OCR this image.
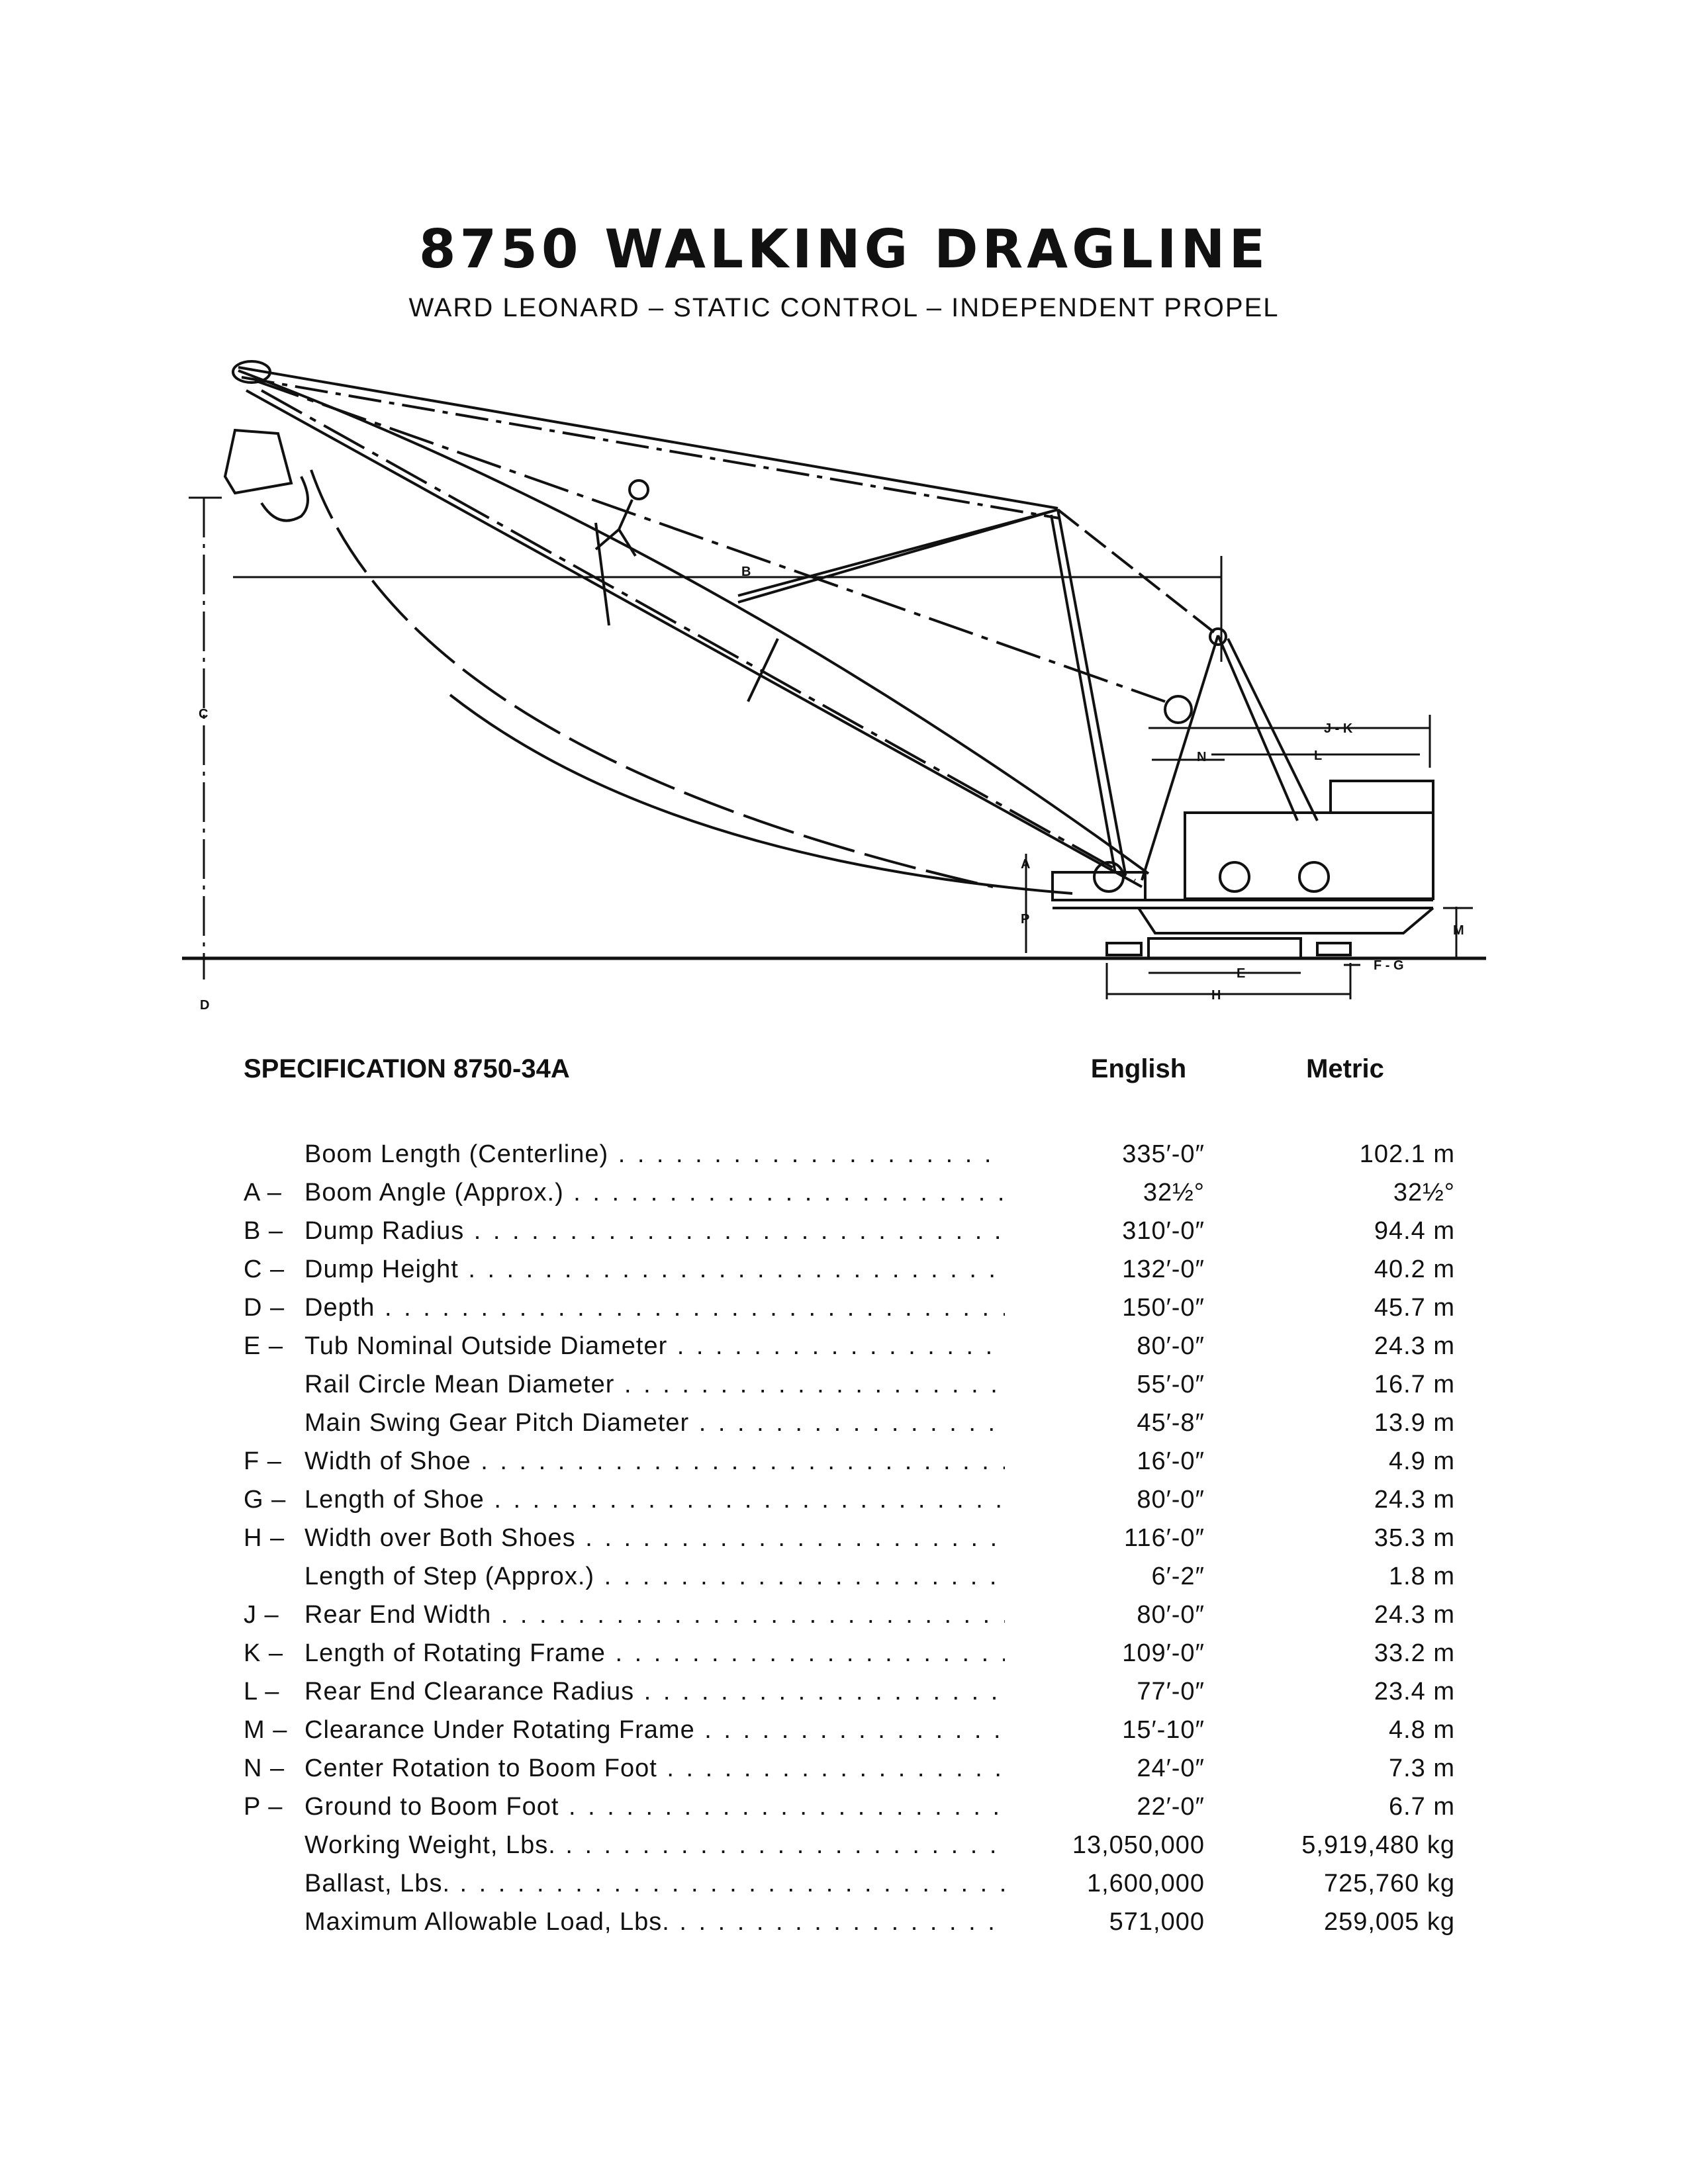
8750 WALKING DRAGLINE
WARD LEONARD – STATIC CONTROL – INDEPENDENT PROPEL
B
C
D
A
P
J - K
L
N
M
E
H
F - G
SPECIFICATION 8750-34A	English	Metric
Boom Length (Centerline) . . .	335′-0″	102.1 m
A – Boom Angle (Approx.) . . .	32½°	32½°
B – Dump Radius . . .	310′-0″	94.4 m
C – Dump Height . . .	132′-0″	40.2 m
D – Depth . . .	150′-0″	45.7 m
E – Tub Nominal Outside Diameter . . .	80′-0″	24.3 m
Rail Circle Mean Diameter . . .	55′-0″	16.7 m
Main Swing Gear Pitch Diameter . . .	45′-8″	13.9 m
F – Width of Shoe . . .	16′-0″	4.9 m
G – Length of Shoe . . .	80′-0″	24.3 m
H – Width over Both Shoes . . .	116′-0″	35.3 m
Length of Step (Approx.) . . .	6′-2″	1.8 m
J – Rear End Width . . .	80′-0″	24.3 m
K – Length of Rotating Frame . . .	109′-0″	33.2 m
L – Rear End Clearance Radius . . .	77′-0″	23.4 m
M – Clearance Under Rotating Frame . . .	15′-10″	4.8 m
N – Center Rotation to Boom Foot . . .	24′-0″	7.3 m
P – Ground to Boom Foot . . .	22′-0″	6.7 m
Working Weight, Lbs. . . .	13,050,000	5,919,480 kg
Ballast, Lbs. . . .	1,600,000	725,760 kg
Maximum Allowable Load, Lbs. . . .	571,000	259,005 kg
